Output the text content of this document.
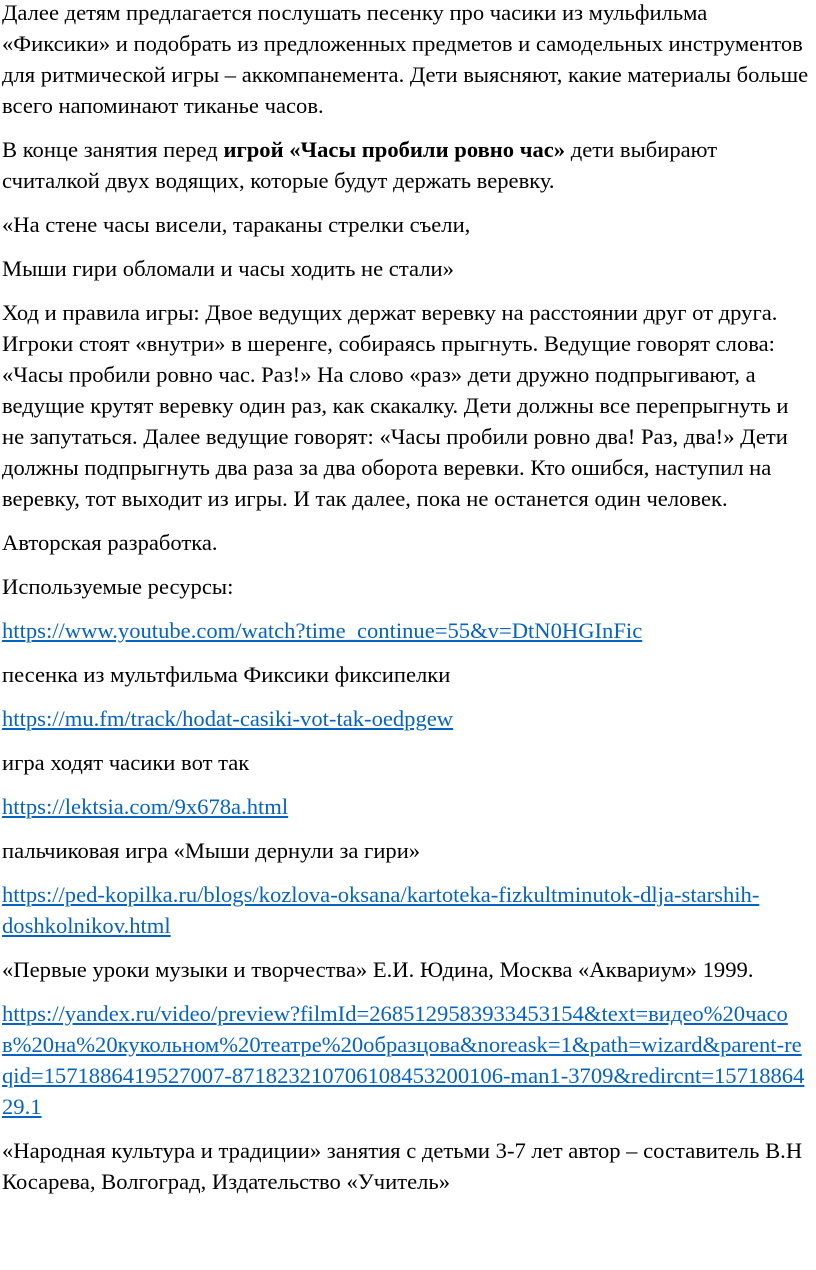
Далее детям предлагается послушать песенку про часики из мульфильма «Фиксики» и подобрать из предложенных предметов и самодельных инструментов для ритмической игры – аккомпанемента. Дети выясняют, какие материалы больше всего напоминают тиканье часов.

В конце занятия перед игрой «Часы пробили ровно час» дети выбирают считалкой двух водящих, которые будут держать веревку.

«На стене часы висели, тараканы стрелки съели,

Мыши гири обломали и часы ходить не стали»

Ход и правила игры: Двое ведущих держат веревку на расстоянии друг от друга. Игроки стоят «внутри» в шеренге, собираясь прыгнуть. Ведущие говорят слова: «Часы пробили ровно час. Раз!» На слово «раз» дети дружно подпрыгивают, а ведущие крутят веревку один раз, как скакалку. Дети должны все перепрыгнуть и не запутаться. Далее ведущие говорят: «Часы пробили ровно два! Раз, два!» Дети должны подпрыгнуть два раза за два оборота веревки. Кто ошибся, наступил на веревку, тот выходит из игры. И так далее, пока не останется один человек.

Авторская разработка.

Используемые ресурсы:

https://www.youtube.com/watch?time_continue=55&v=DtN0HGInFic

песенка из мультфильма Фиксики фиксипелки

https://mu.fm/track/hodat-casiki-vot-tak-oedpgew

игра ходят часики вот так

https://lektsia.com/9x678a.html

пальчиковая игра «Мыши дернули за гири»

https://ped-kopilka.ru/blogs/kozlova-oksana/kartoteka-fizkultminutok-dlja-starshih-doshkolnikov.html

«Первые уроки музыки и творчества» Е.И. Юдина, Москва «Аквариум» 1999.

https://yandex.ru/video/preview?filmId=2685129583933453154&text=видео%20часов%20на%20кукольном%20театре%20образцова&noreask=1&path=wizard&parent-reqid=1571886419527007-871823210706108453200106-man1-3709&redircnt=1571886429.1

«Народная культура и традиции» занятия с детьми 3-7 лет автор – составитель В.Н Косарева, Волгоград, Издательство «Учитель»
